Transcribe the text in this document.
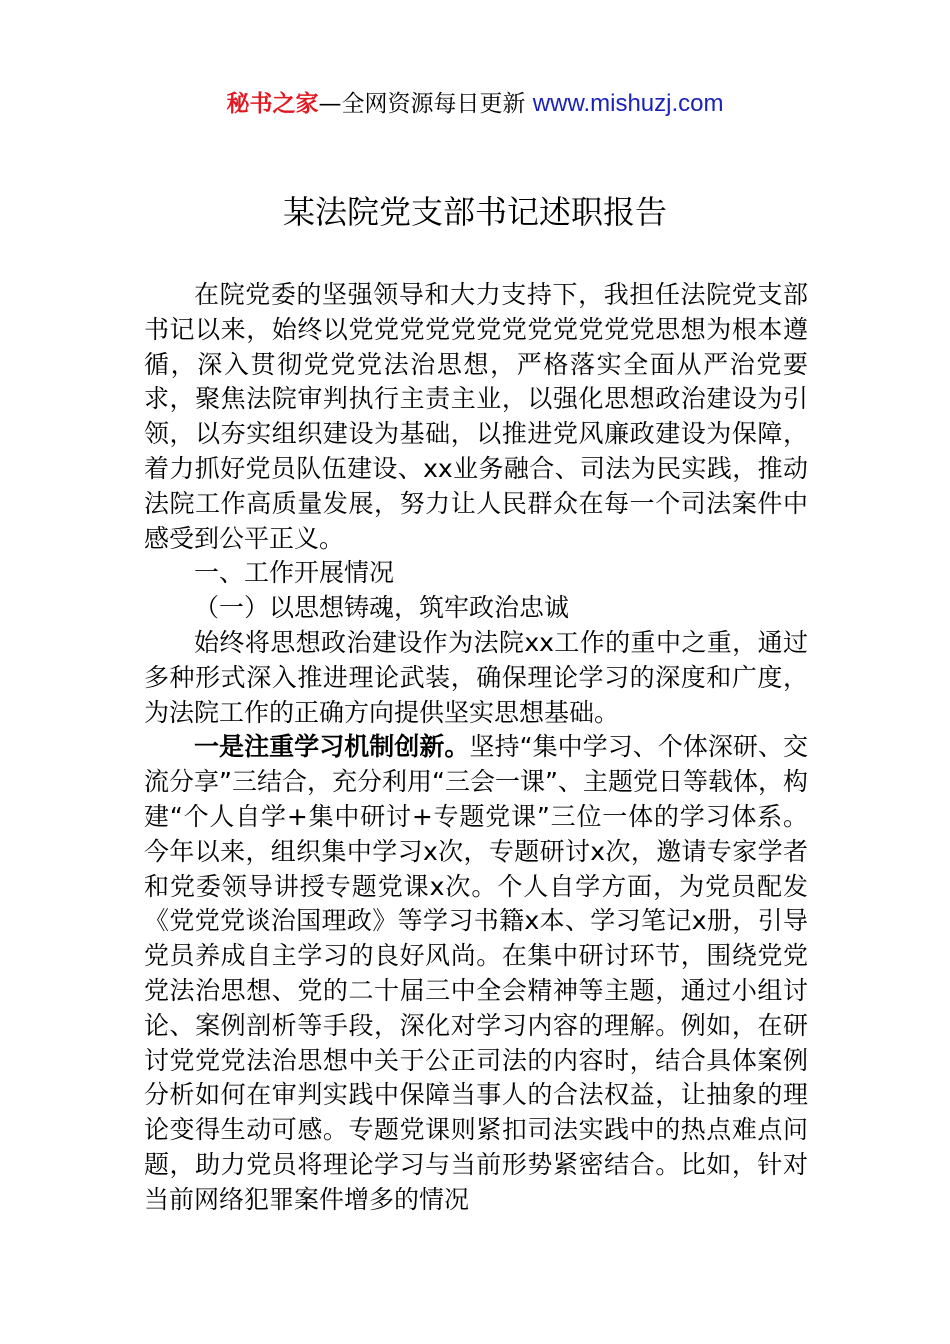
秘书之家—全网资源每日更新 www.mishuzj.com
某法院党支部书记述职报告

在院党委的坚强领导和大力支持下，我担任法院党支部书记以来，始终以党党党党党党党党党党党党思想为根本遵循，深入贯彻党党党法治思想，严格落实全面从严治党要求，聚焦法院审判执行主责主业，以强化思想政治建设为引领，以夯实组织建设为基础，以推进党风廉政建设为保障，着力抓好党员队伍建设、xx业务融合、司法为民实践，推动法院工作高质量发展，努力让人民群众在每一个司法案件中感受到公平正义。

一、工作开展情况

（一）以思想铸魂，筑牢政治忠诚

始终将思想政治建设作为法院xx工作的重中之重，通过多种形式深入推进理论武装，确保理论学习的深度和广度，为法院工作的正确方向提供坚实思想基础。

一是注重学习机制创新。坚持“集中学习、个体深研、交流分享”三结合，充分利用“三会一课”、主题党日等载体，构建“个人自学+集中研讨+专题党课”三位一体的学习体系。今年以来，组织集中学习x次，专题研讨x次，邀请专家学者和党委领导讲授专题党课x次。个人自学方面，为党员配发《党党党谈治国理政》等学习书籍x本、学习笔记x册，引导党员养成自主学习的良好风尚。在集中研讨环节，围绕党党党法治思想、党的二十届三中全会精神等主题，通过小组讨论、案例剖析等手段，深化对学习内容的理解。例如，在研讨党党党法治思想中关于公正司法的内容时，结合具体案例分析如何在审判实践中保障当事人的合法权益，让抽象的理论变得生动可感。专题党课则紧扣司法实践中的热点难点问题，助力党员将理论学习与当前形势紧密结合。比如，针对当前网络犯罪案件增多的情况
